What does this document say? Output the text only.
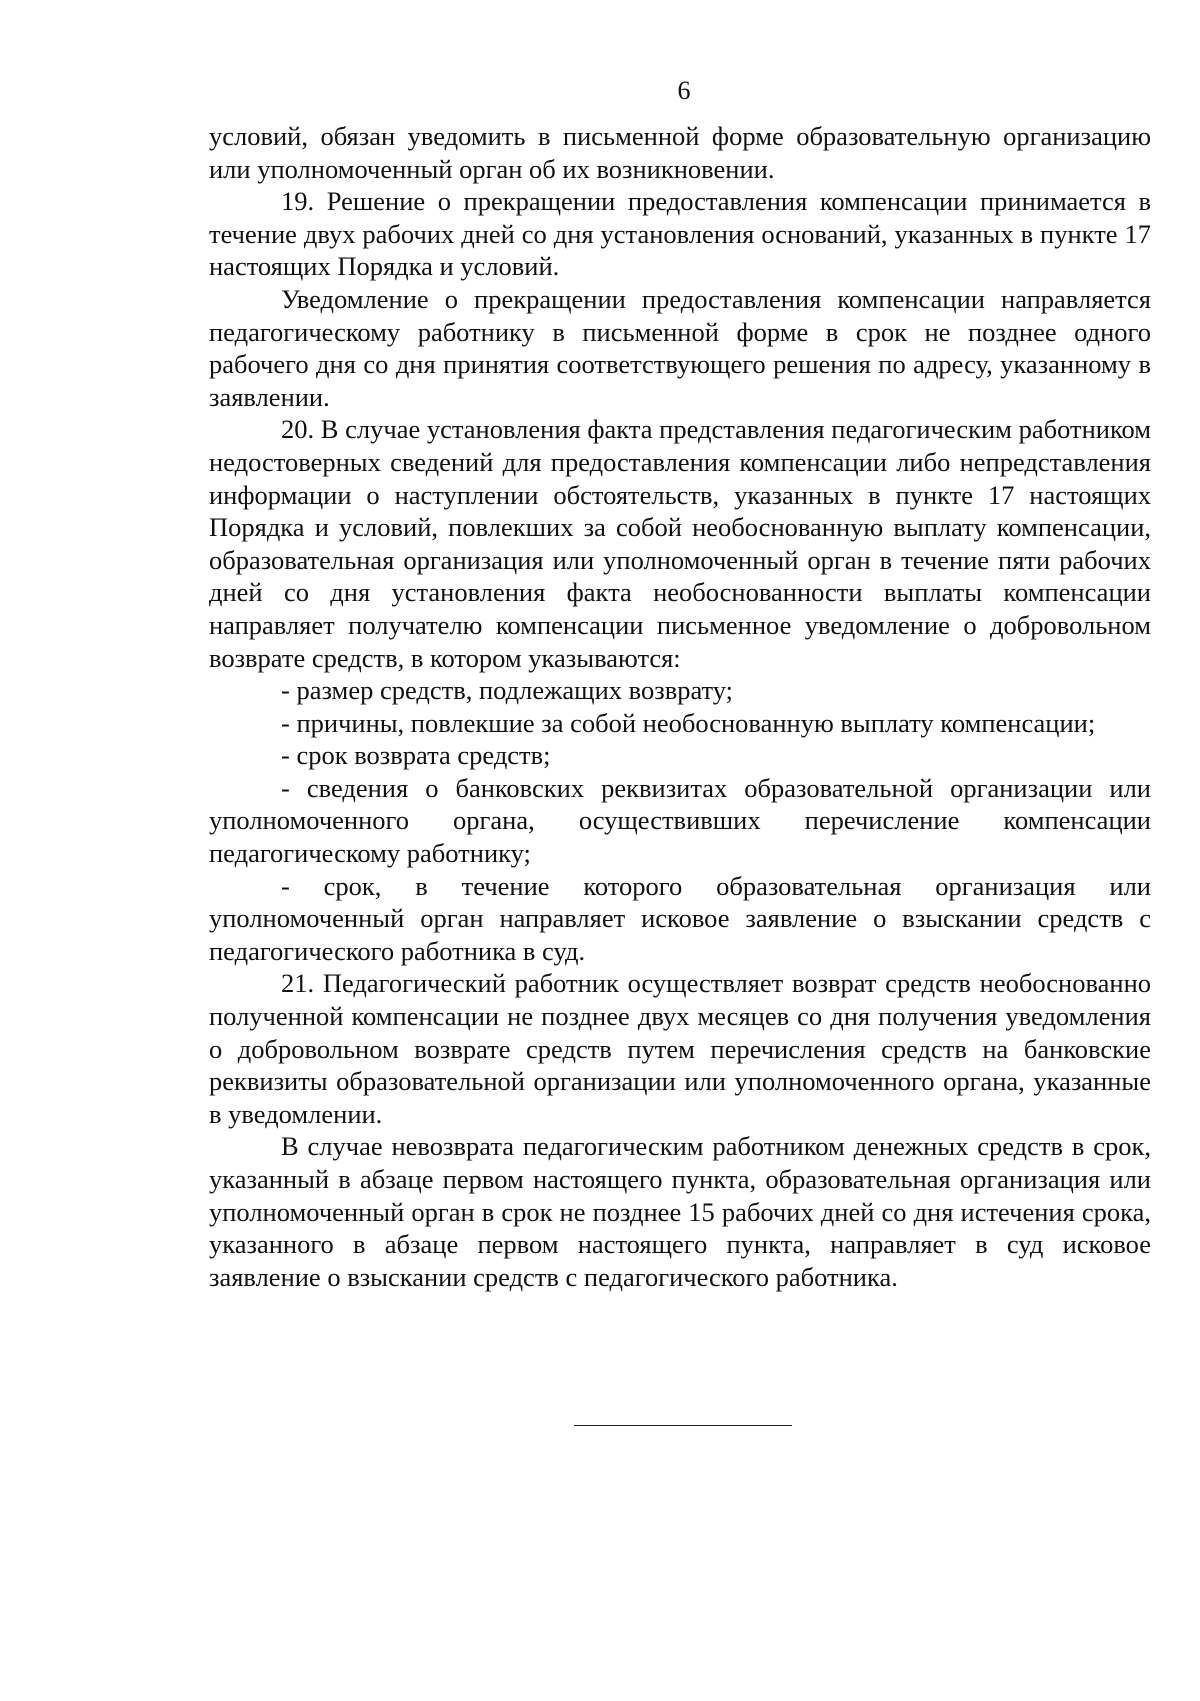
6

условий, обязан уведомить в письменной форме образовательную организацию или уполномоченный орган об их возникновении.

19. Решение о прекращении предоставления компенсации принимается в течение двух рабочих дней со дня установления оснований, указанных в пункте 17 настоящих Порядка и условий.

Уведомление о прекращении предоставления компенсации направляется педагогическому работнику в письменной форме в срок не позднее одного рабочего дня со дня принятия соответствующего решения по адресу, указанному в заявлении.

20. В случае установления факта представления педагогическим работником недостоверных сведений для предоставления компенсации либо непредставления информации о наступлении обстоятельств, указанных в пункте 17 настоящих Порядка и условий, повлекших за собой необоснованную выплату компенсации, образовательная организация или уполномоченный орган в течение пяти рабочих дней со дня установления факта необоснованности выплаты компенсации направляет получателю компенсации письменное уведомление о добровольном возврате средств, в котором указываются:

- размер средств, подлежащих возврату;

- причины, повлекшие за собой необоснованную выплату компенсации;

- срок возврата средств;

- сведения о банковских реквизитах образовательной организации или уполномоченного органа, осуществивших перечисление компенсации педагогическому работнику;

- срок, в течение которого образовательная организация или уполномоченный орган направляет исковое заявление о взыскании средств с педагогического работника в суд.

21. Педагогический работник осуществляет возврат средств необоснованно полученной компенсации не позднее двух месяцев со дня получения уведомления о добровольном возврате средств путем перечисления средств на банковские реквизиты образовательной организации или уполномоченного органа, указанные в уведомлении.

В случае невозврата педагогическим работником денежных средств в срок, указанный в абзаце первом настоящего пункта, образовательная организация или уполномоченный орган в срок не позднее 15 рабочих дней со дня истечения срока, указанного в абзаце первом настоящего пункта, направляет в суд исковое заявление о взыскании средств с педагогического работника.
